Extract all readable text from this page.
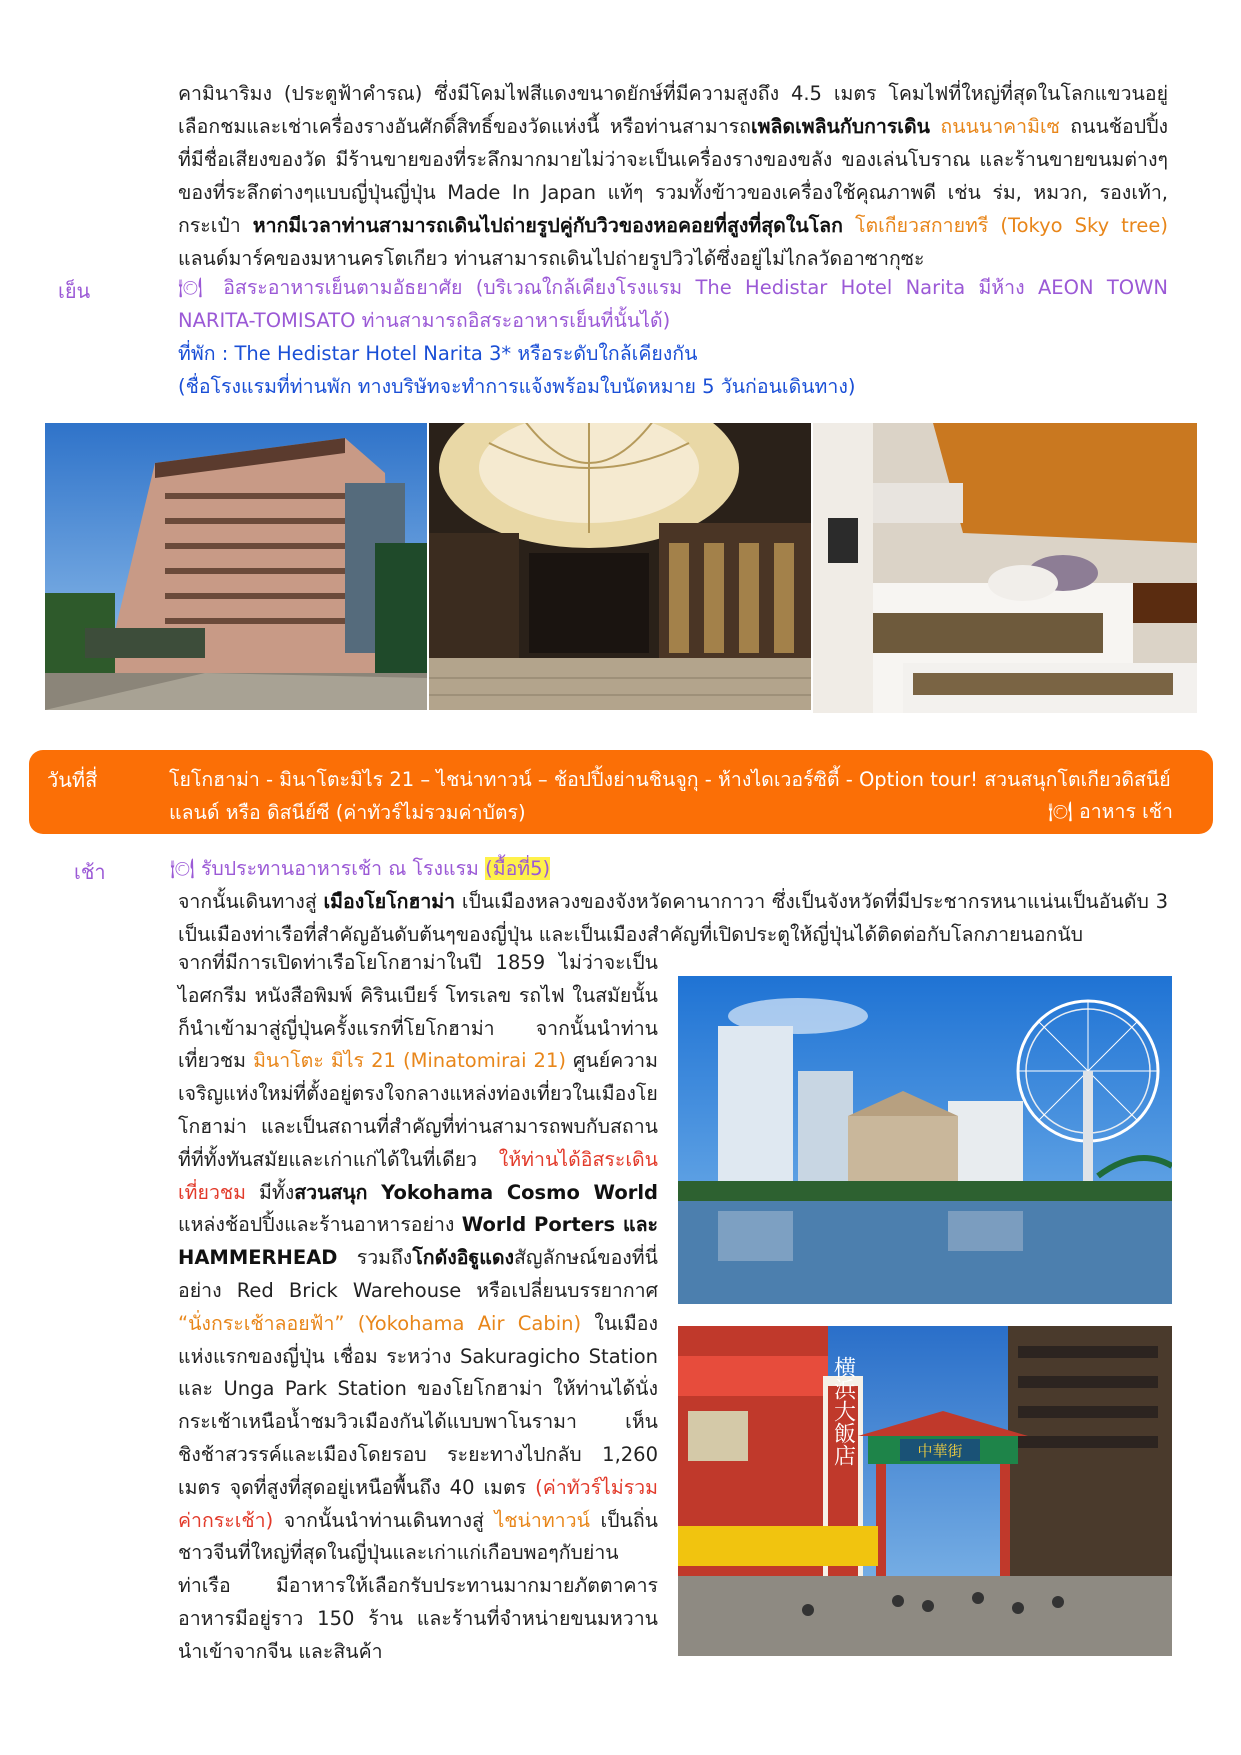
คามินาริมง (ประตูฟ้าคำรณ) ซึ่งมีโคมไฟสีแดงขนาดยักษ์ที่มีความสูงถึง 4.5 เมตร โคมไฟที่ใหญ่ที่สุดในโลกแขวนอยู่ เลือกชมและเช่าเครื่องรางอันศักดิ์สิทธิ์ของวัดแห่งนี้ หรือท่านสามารถเพลิดเพลินกับการเดิน ถนนนาคามิเซ ถนนช้อปปิ้งที่มีชื่อเสียงของวัด มีร้านขายของที่ระลึกมากมายไม่ว่าจะเป็นเครื่องรางของขลัง ของเล่นโบราณ และร้านขายขนมต่างๆ ของที่ระลึกต่างๆแบบญี่ปุ่นญี่ปุ่น Made In Japan แท้ๆ รวมทั้งข้าวของเครื่องใช้คุณภาพดี เช่น ร่ม, หมวก, รองเท้า, กระเป๋า หากมีเวลาท่านสามารถเดินไปถ่ายรูปคู่กับวิวของหอคอยที่สูงที่สุดในโลก โตเกียวสกายทรี (Tokyo Sky tree) แลนด์มาร์คของมหานครโตเกียว ท่านสามารถเดินไปถ่ายรูปวิวได้ซึ่งอยู่ไม่ไกลวัดอาซากุซะ
เย็น	🍽 อิสระอาหารเย็นตามอัธยาศัย (บริเวณใกล้เคียงโรงแรม The Hedistar Hotel Narita มีห้าง AEON TOWN NARITA-TOMISATO ท่านสามารถอิสระอาหารเย็นที่นั้นได้)
ที่พัก : The Hedistar Hotel Narita 3* หรือระดับใกล้เคียงกัน
(ชื่อโรงแรมที่ท่านพัก ทางบริษัทจะทำการแจ้งพร้อมใบนัดหมาย 5 วันก่อนเดินทาง)
วันที่สี่	โยโกฮาม่า - มินาโตะมิไร 21 – ไชน่าทาวน์ – ช้อปปิ้งย่านชินจูกุ - ห้างไดเวอร์ซิตี้ - Option tour! สวนสนุกโตเกียวดิสนีย์แลนด์ หรือ ดิสนีย์ซี (ค่าทัวร์ไม่รวมค่าบัตร)	🍽 อาหาร เช้า
เช้า	🍽 รับประทานอาหารเช้า ณ โรงแรม (มื้อที่5)
จากนั้นเดินทางสู่ เมืองโยโกฮาม่า เป็นเมืองหลวงของจังหวัดคานากาวา ซึ่งเป็นจังหวัดที่มีประชากรหนาแน่นเป็นอันดับ 3 เป็นเมืองท่าเรือที่สำคัญอันดับต้นๆของญี่ปุ่น และเป็นเมืองสำคัญที่เปิดประตูให้ญี่ปุ่นได้ติดต่อกับโลกภายนอกนับ
จากที่มีการเปิดท่าเรือโยโกฮาม่าในปี 1859 ไม่ว่าจะเป็นไอศกรีม หนังสือพิมพ์ คิรินเบียร์ โทรเลข รถไฟ ในสมัยนั้นก็นำเข้ามาสู่ญี่ปุ่นครั้งแรกที่โยโกฮาม่า จากนั้นนำท่านเที่ยวชม มินาโตะ มิไร 21 (Minatomirai 21) ศูนย์ความเจริญแห่งใหม่ที่ตั้งอยู่ตรงใจกลางแหล่งท่องเที่ยวในเมืองโยโกฮาม่า และเป็นสถานที่สำคัญที่ท่านสามารถพบกับสถานที่ที่ทั้งทันสมัยและเก่าแก่ได้ในที่เดียว ให้ท่านได้อิสระเดินเที่ยวชม มีทั้งสวนสนุก Yokohama Cosmo World แหล่งช้อปปิ้งและร้านอาหารอย่าง World Porters และ HAMMERHEAD รวมถึงโกดังอิฐูแดงสัญลักษณ์ของที่นี่อย่าง Red Brick Warehouse หรือเปลี่ยนบรรยากาศ “นั่งกระเช้าลอยฟ้า” (Yokohama Air Cabin) ในเมืองแห่งแรกของญี่ปุ่น เชื่อม ระหว่าง Sakuragicho Station และ Unga Park Station ของโยโกฮาม่า ให้ท่านได้นั่งกระเช้าเหนือน้ำชมวิวเมืองกันได้แบบพาโนรามา เห็นชิงช้าสวรรค์และเมืองโดยรอบ ระยะทางไปกลับ 1,260 เมตร จุดที่สูงที่สุดอยู่เหนือพื้นถึง 40 เมตร (ค่าทัวร์ไม่รวมค่ากระเช้า) จากนั้นนำท่านเดินทางสู่ ไชน่าทาวน์ เป็นถิ่นชาวจีนที่ใหญ่ที่สุดในญี่ปุ่นและเก่าแก่เกือบพอๆกับย่านท่าเรือ มีอาหารให้เลือกรับประทานมากมายภัตตาคารอาหารมีอยู่ราว 150 ร้าน และร้านที่จำหน่ายขนมหวานนำเข้าจากจีน และสินค้า
横浜大飯店	中華街
